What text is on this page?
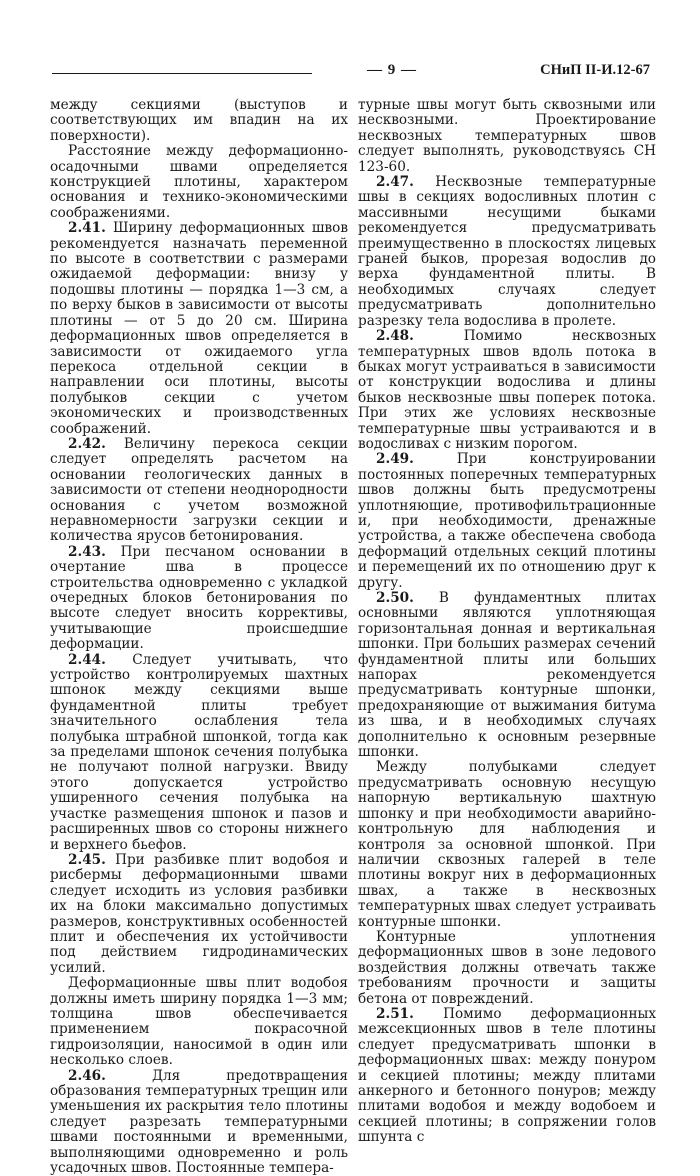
— 9 —	СНиП II-И.12-67

между секциями (выступов и соответствующих им впадин на их поверхности).

Расстояние между деформационно-осадочными швами определяется конструкцией плотины, характером основания и технико-экономическими соображениями.

2.41. Ширину деформационных швов рекомендуется назначать переменной по высоте в соответствии с размерами ожидаемой деформации: внизу у подошвы плотины — порядка 1—3 см, а по верху быков в зависимости от высоты плотины — от 5 до 20 см. Ширина деформационных швов определяется в зависимости от ожидаемого угла перекоса отдельной секции в направлении оси плотины, высоты полубыков секции с учетом экономических и производственных соображений.

2.42. Величину перекоса секции следует определять расчетом на основании геологических данных в зависимости от степени неоднородности основания с учетом возможной неравномерности загрузки секции и количества ярусов бетонирования.

2.43. При песчаном основании в очертание шва в процессе строительства одновременно с укладкой очередных блоков бетонирования по высоте следует вносить коррективы, учитывающие происшедшие деформации.

2.44. Следует учитывать, что устройство контролируемых шахтных шпонок между секциями выше фундаментной плиты требует значительного ослабления тела полубыка штрабной шпонкой, тогда как за пределами шпонок сечения полубыка не получают полной нагрузки. Ввиду этого допускается устройство уширенного сечения полубыка на участке размещения шпонок и пазов и расширенных швов со стороны нижнего и верхнего бьефов.

2.45. При разбивке плит водобоя и рисбермы деформационными швами следует исходить из условия разбивки их на блоки максимально допустимых размеров, конструктивных особенностей плит и обеспечения их устойчивости под действием гидродинамических усилий.

Деформационные швы плит водобоя должны иметь ширину порядка 1—3 мм; толщина швов обеспечивается применением покрасочной гидроизоляции, наносимой в один или несколько слоев.

2.46.	Для предотвращения образования температурных трещин или уменьшения их раскрытия тело плотины следует разрезать температурными швами постоянными и временными, выполняющими одновременно и роль усадочных швов. Постоянные темпера-

турные швы могут быть сквозными или несквозными. Проектирование несквозных температурных швов следует выполнять, руководствуясь СН 123-60.

2.47. Несквозные температурные швы в секциях водосливных плотин с массивными несущими быками рекомендуется предусматривать преимущественно в плоскостях лицевых граней быков, прорезая водослив до верха фундаментной плиты. В необходимых случаях следует предусматривать дополнительно разрезку тела водослива в пролете.

2.48.	Помимо несквозных температурных швов вдоль потока в быках могут устраиваться в зависимости от конструкции водослива и длины быков несквозные швы поперек потока. При этих же условиях несквозные температурные швы устраиваются и в водосливах с низким порогом.

2.49.	При конструировании постоянных поперечных температурных швов должны быть предусмотрены уплотняющие, противофильтрационные и, при необходимости, дренажные устройства, а также обеспечена свобода деформаций отдельных секций плотины и перемещений их по отношению друг к другу.

2.50. В фундаментных плитах основными являются уплотняющая горизонтальная донная и вертикальная шпонки. При больших размерах сечений фундаментной плиты или больших напорах рекомендуется предусматривать контурные шпонки, предохраняющие от выжимания битума из шва, и в необходимых случаях дополнительно к основным резервные шпонки.

Между полубыками следует предусматривать основную несущую напорную вертикальную шахтную шпонку и при необходимости аварийно-контрольную для наблюдения и контроля за основной шпонкой. При наличии сквозных галерей в теле плотины вокруг них в деформационных швах, а также в несквозных температурных швах следует устраивать контурные шпонки.

Контурные уплотнения деформационных швов в зоне ледового воздействия должны отвечать также требованиям прочности и защиты бетона от повреждений.

2.51. Помимо деформационных межсекционных швов в теле плотины следует предусматривать шпонки в деформационных швах: между понуром и секцией плотины; между плитами анкерного и бетонного понуров; между плитами водобоя и между водобоем и секцией плотины; в сопряжении голов шпунта с
